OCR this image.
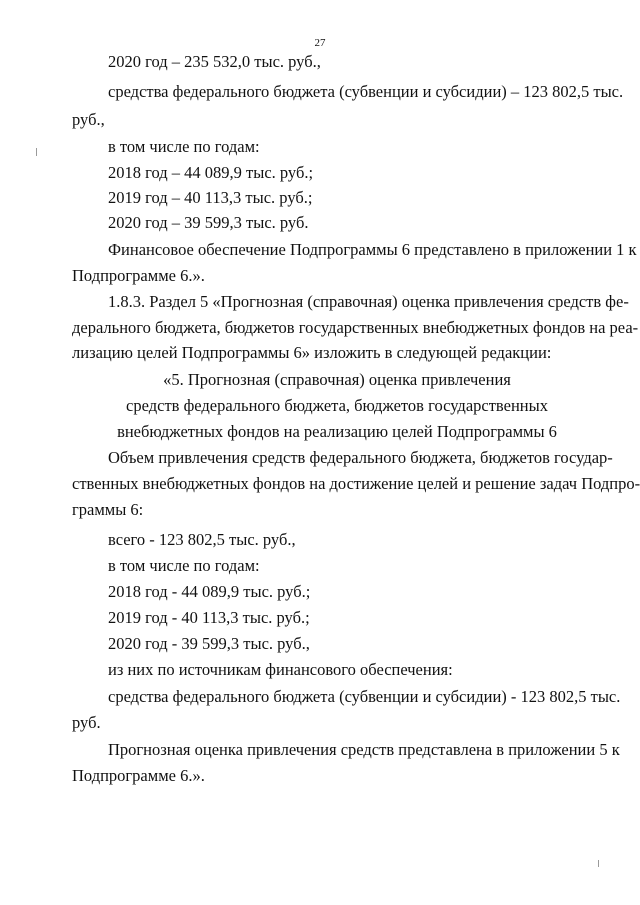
27
2020 год – 235 532,0 тыс. руб.,
средства федерального бюджета (субвенции и субсидии) – 123 802,5 тыс.
руб.,
в том числе по годам:
2018 год – 44 089,9 тыс. руб.;
2019 год – 40 113,3 тыс. руб.;
2020 год – 39 599,3 тыс. руб.
Финансовое обеспечение Подпрограммы 6 представлено в приложении 1 к
Подпрограмме 6.».
1.8.3. Раздел 5 «Прогнозная (справочная) оценка привлечения средств фе-
дерального бюджета, бюджетов государственных внебюджетных фондов на реа-
лизацию целей Подпрограммы 6» изложить в следующей редакции:
«5. Прогнозная (справочная) оценка привлечения
средств федерального бюджета, бюджетов государственных
внебюджетных фондов на реализацию целей Подпрограммы 6
Объем привлечения средств федерального бюджета, бюджетов государ-
ственных внебюджетных фондов на достижение целей и решение задач Подпро-
граммы 6:
всего - 123 802,5 тыс. руб.,
в том числе по годам:
2018 год - 44 089,9 тыс. руб.;
2019 год - 40 113,3 тыс. руб.;
2020 год - 39 599,3 тыс. руб.,
из них по источникам финансового обеспечения:
средства федерального бюджета (субвенции и субсидии) - 123 802,5 тыс.
руб.
Прогнозная оценка привлечения средств представлена в приложении 5 к
Подпрограмме 6.».
